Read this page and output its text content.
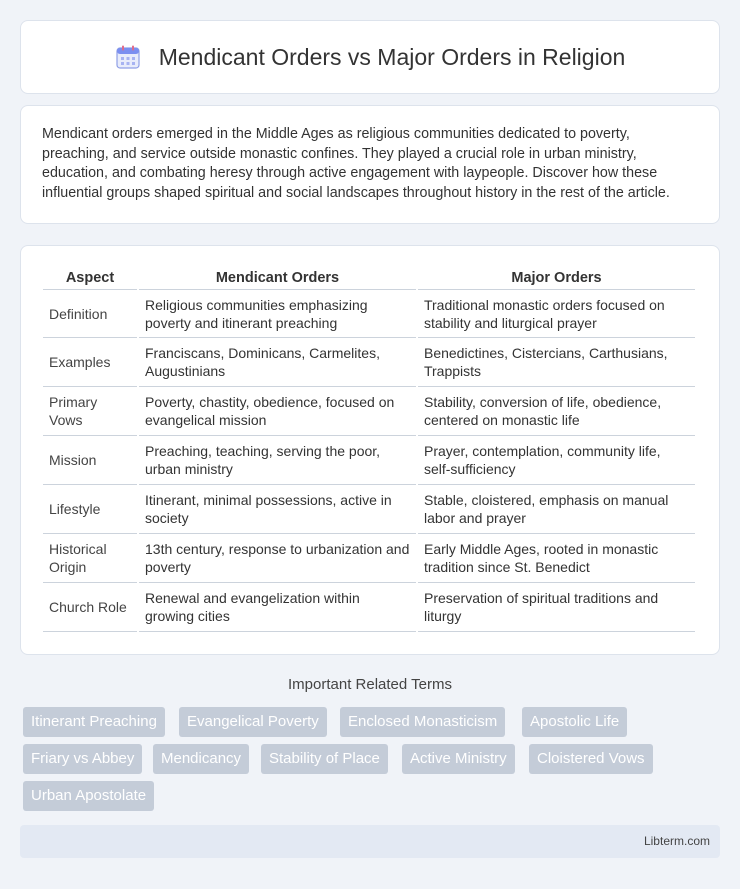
Mendicant Orders vs Major Orders in Religion

Mendicant orders emerged in the Middle Ages as religious communities dedicated to poverty, preaching, and service outside monastic confines. They played a crucial role in urban ministry, education, and combating heresy through active engagement with laypeople. Discover how these influential groups shaped spiritual and social landscapes throughout history in the rest of the article.

Aspect	Mendicant Orders	Major Orders
Definition	Religious communities emphasizing poverty and itinerant preaching	Traditional monastic orders focused on stability and liturgical prayer
Examples	Franciscans, Dominicans, Carmelites, Augustinians	Benedictines, Cistercians, Carthusians, Trappists
Primary Vows	Poverty, chastity, obedience, focused on evangelical mission	Stability, conversion of life, obedience, centered on monastic life
Mission	Preaching, teaching, serving the poor, urban ministry	Prayer, contemplation, community life, self-sufficiency
Lifestyle	Itinerant, minimal possessions, active in society	Stable, cloistered, emphasis on manual labor and prayer
Historical Origin	13th century, response to urbanization and poverty	Early Middle Ages, rooted in monastic tradition since St. Benedict
Church Role	Renewal and evangelization within growing cities	Preservation of spiritual traditions and liturgy
Important Related Terms
Itinerant Preaching	Evangelical Poverty	Enclosed Monasticism	Apostolic Life
Friary vs Abbey	Mendicancy	Stability of Place	Active Ministry	Cloistered Vows
Urban Apostolate
Libterm.com
